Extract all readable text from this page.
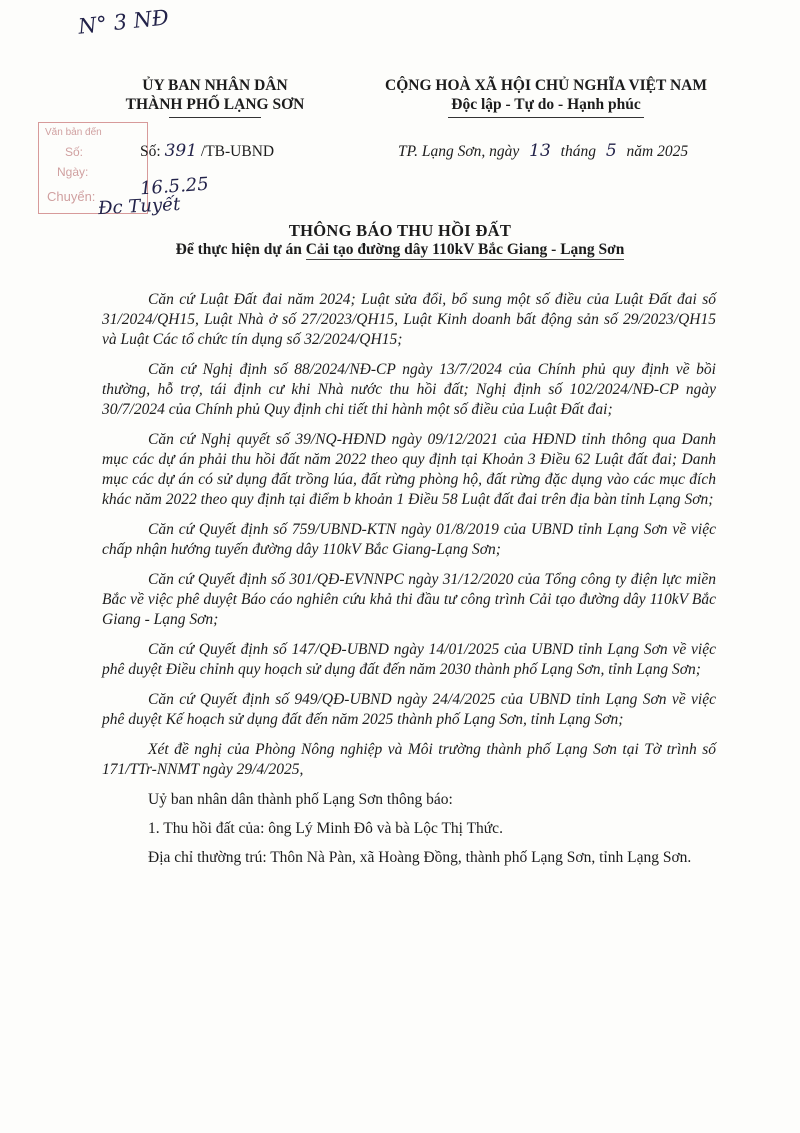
N° 3 NĐ
ỦY BAN NHÂN DÂN
THÀNH PHỐ LẠNG SƠN
CỘNG HOÀ XÃ HỘI CHỦ NGHĨA VIỆT NAM
Độc lập - Tự do - Hạnh phúc
Văn bản đến
Số:
Ngày:
Chuyển: 16.5.25
Đc Tuyết
Số: 391 /TB-UBND	TP. Lạng Sơn, ngày 13 tháng 5 năm 2025
THÔNG BÁO THU HỒI ĐẤT
Để thực hiện dự án Cải tạo đường dây 110kV Bắc Giang - Lạng Sơn

Căn cứ Luật Đất đai năm 2024; Luật sửa đổi, bổ sung một số điều của Luật Đất đai số 31/2024/QH15, Luật Nhà ở số 27/2023/QH15, Luật Kinh doanh bất động sản số 29/2023/QH15 và Luật Các tổ chức tín dụng số 32/2024/QH15;

Căn cứ Nghị định số 88/2024/NĐ-CP ngày 13/7/2024 của Chính phủ quy định về bồi thường, hỗ trợ, tái định cư khi Nhà nước thu hồi đất; Nghị định số 102/2024/NĐ-CP ngày 30/7/2024 của Chính phủ Quy định chi tiết thi hành một số điều của Luật Đất đai;

Căn cứ Nghị quyết số 39/NQ-HĐND ngày 09/12/2021 của HĐND tỉnh thông qua Danh mục các dự án phải thu hồi đất năm 2022 theo quy định tại Khoản 3 Điều 62 Luật đất đai; Danh mục các dự án có sử dụng đất trồng lúa, đất rừng phòng hộ, đất rừng đặc dụng vào các mục đích khác năm 2022 theo quy định tại điểm b khoản 1 Điều 58 Luật đất đai trên địa bàn tỉnh Lạng Sơn;

Căn cứ Quyết định số 759/UBND-KTN ngày 01/8/2019 của UBND tỉnh Lạng Sơn về việc chấp nhận hướng tuyến đường dây 110kV Bắc Giang-Lạng Sơn;

Căn cứ Quyết định số 301/QĐ-EVNNPC ngày 31/12/2020 của Tổng công ty điện lực miền Bắc về việc phê duyệt Báo cáo nghiên cứu khả thi đầu tư công trình Cải tạo đường dây 110kV Bắc Giang - Lạng Sơn;

Căn cứ Quyết định số 147/QĐ-UBND ngày 14/01/2025 của UBND tỉnh Lạng Sơn về việc phê duyệt Điều chỉnh quy hoạch sử dụng đất đến năm 2030 thành phố Lạng Sơn, tỉnh Lạng Sơn;

Căn cứ Quyết định số 949/QĐ-UBND ngày 24/4/2025 của UBND tỉnh Lạng Sơn về việc phê duyệt Kế hoạch sử dụng đất đến năm 2025 thành phố Lạng Sơn, tỉnh Lạng Sơn;

Xét đề nghị của Phòng Nông nghiệp và Môi trường thành phố Lạng Sơn tại Tờ trình số 171/TTr-NNMT ngày 29/4/2025,

Uỷ ban nhân dân thành phố Lạng Sơn thông báo:

1. Thu hồi đất của: ông Lý Minh Đô và bà Lộc Thị Thức.

Địa chỉ thường trú: Thôn Nà Pàn, xã Hoàng Đồng, thành phố Lạng Sơn, tỉnh Lạng Sơn.
